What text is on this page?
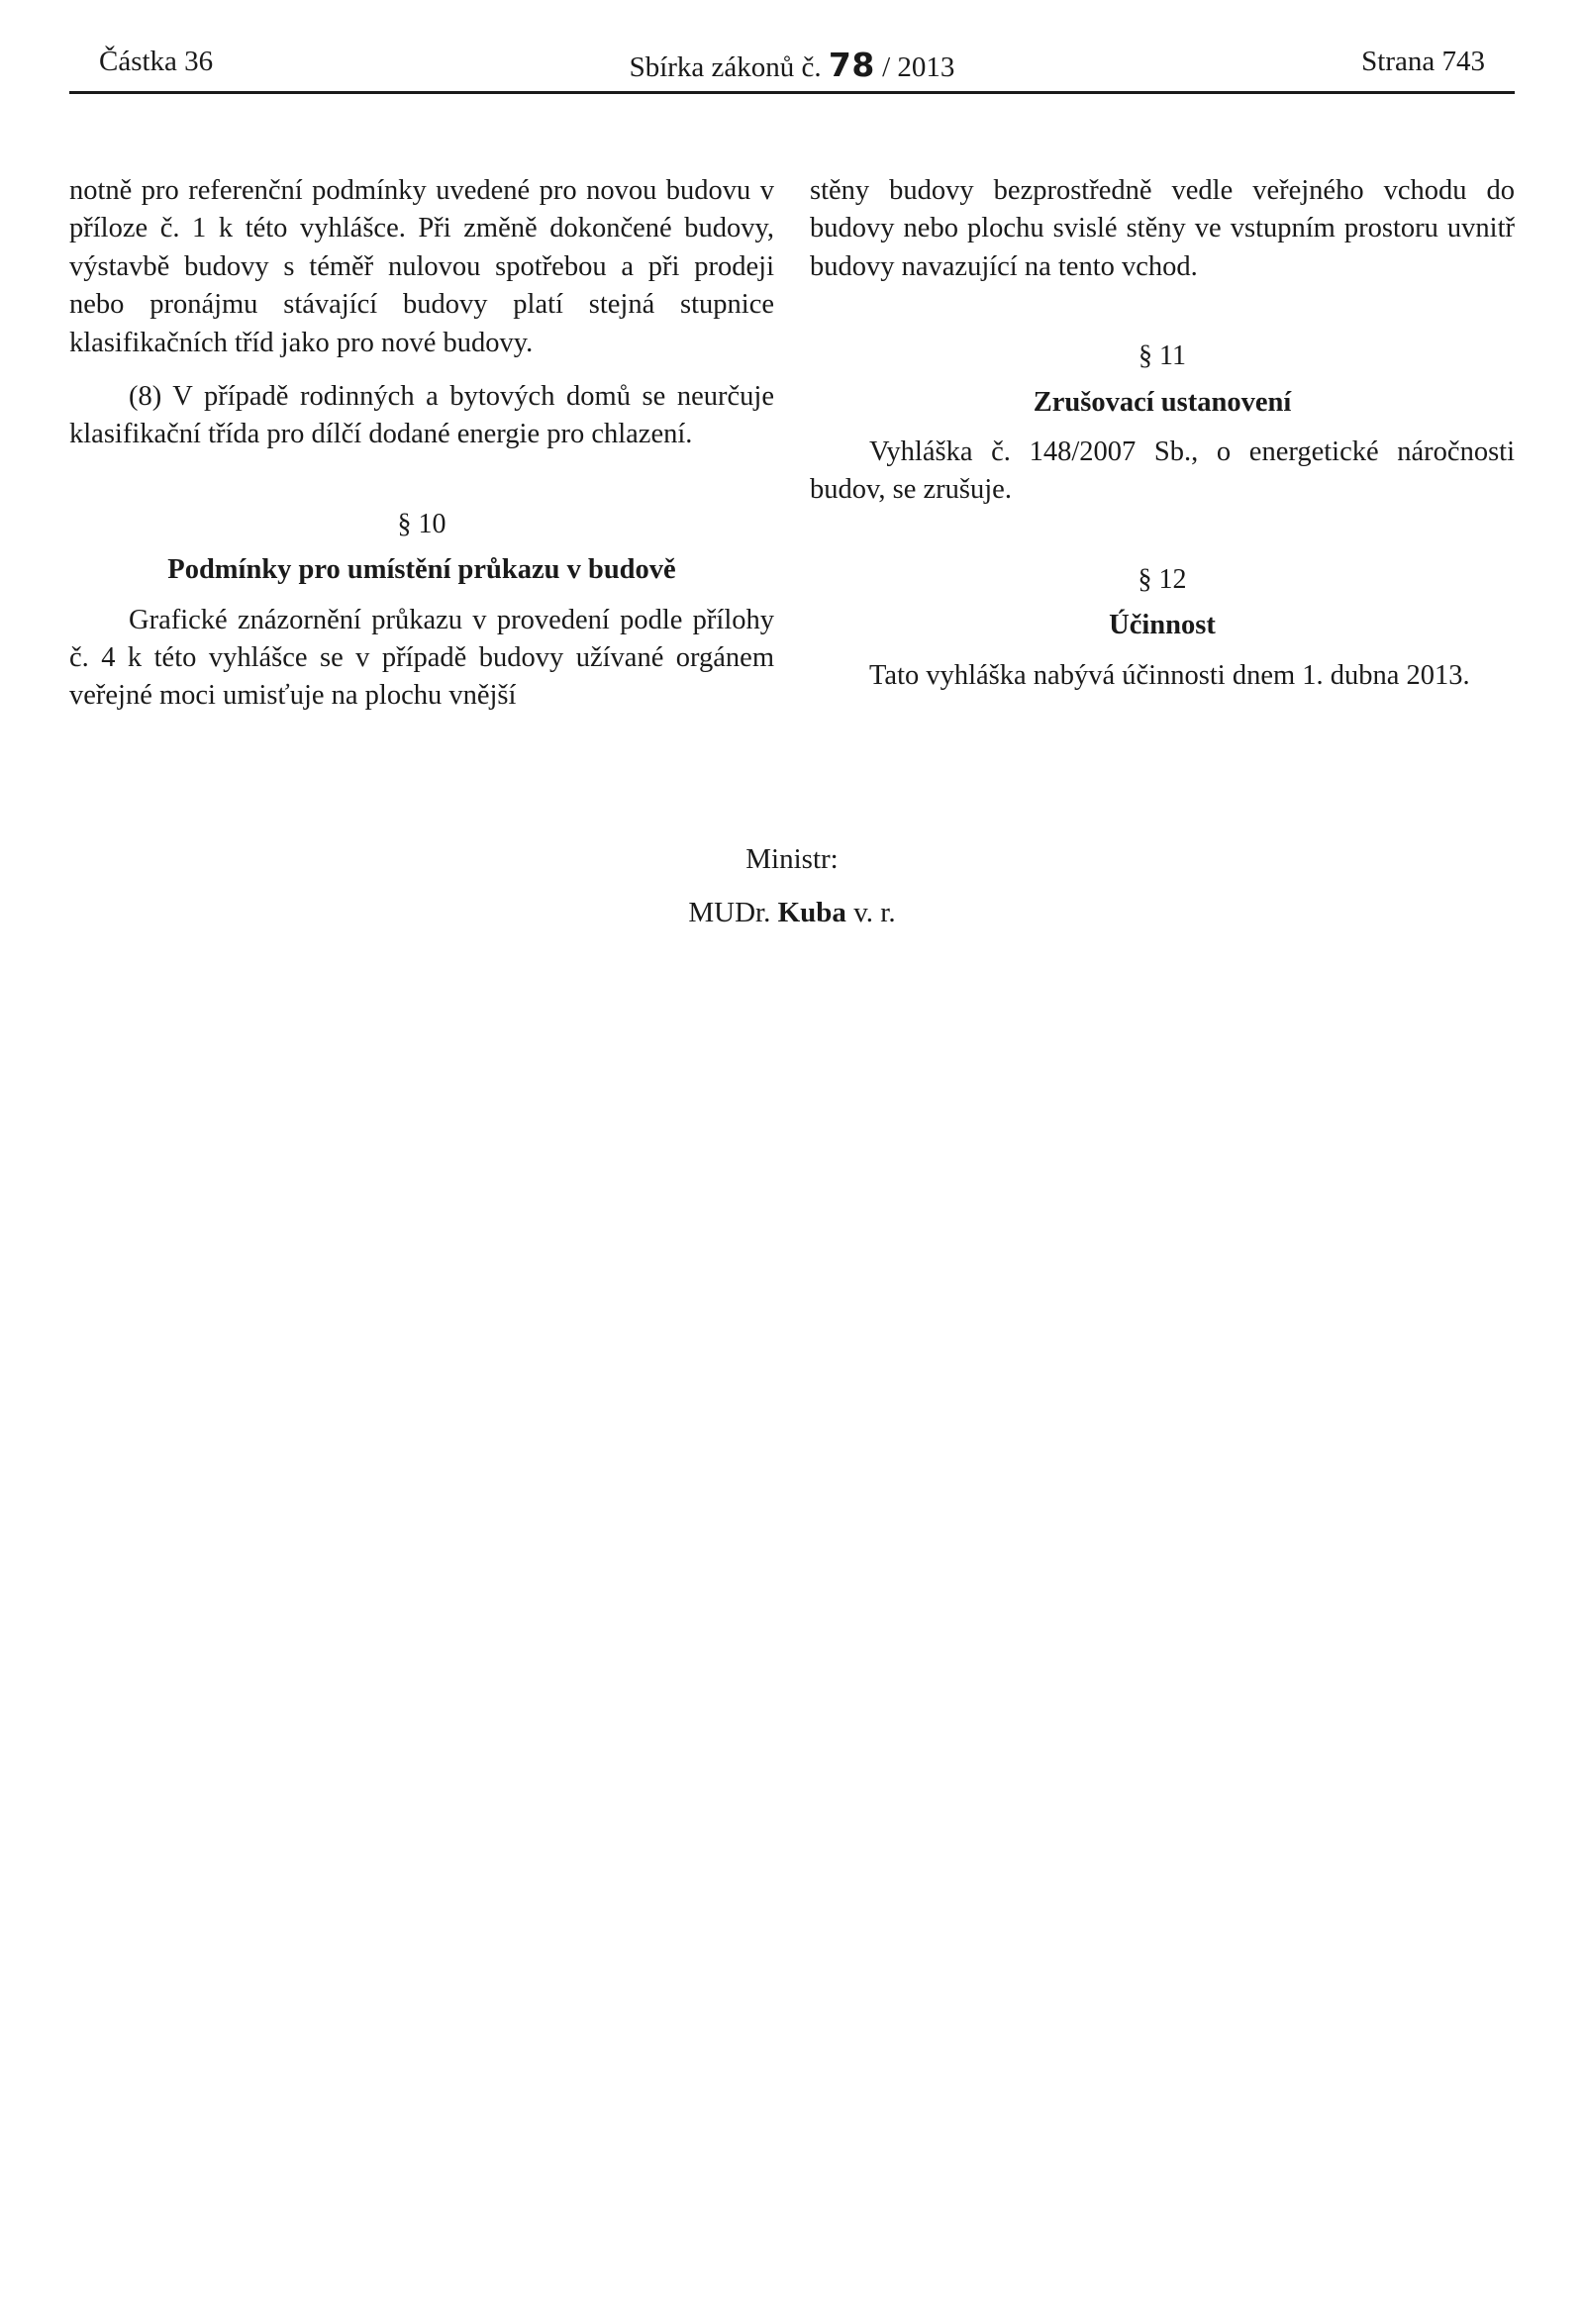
Částka 36	Sbírka zákonů č. 78 / 2013	Strana 743

notně pro referenční podmínky uvedené pro novou budovu v příloze č. 1 k této vyhlášce. Při změně dokončené budovy, výstavbě budovy s téměř nulovou spotřebou a při prodeji nebo pronájmu stávající budovy platí stejná stupnice klasifikačních tříd jako pro nové budovy.

(8) V případě rodinných a bytových domů se neurčuje klasifikační třída pro dílčí dodané energie pro chlazení.

§ 10

Podmínky pro umístění průkazu v budově

Grafické znázornění průkazu v provedení podle přílohy č. 4 k této vyhlášce se v případě budovy užívané orgánem veřejné moci umisťuje na plochu vnější

stěny budovy bezprostředně vedle veřejného vchodu do budovy nebo plochu svislé stěny ve vstupním prostoru uvnitř budovy navazující na tento vchod.

§ 11

Zrušovací ustanovení

Vyhláška č. 148/2007 Sb., o energetické náročnosti budov, se zrušuje.

§ 12

Účinnost

Tato vyhláška nabývá účinnosti dnem 1. dubna 2013.

Ministr:
MUDr. Kuba v. r.
